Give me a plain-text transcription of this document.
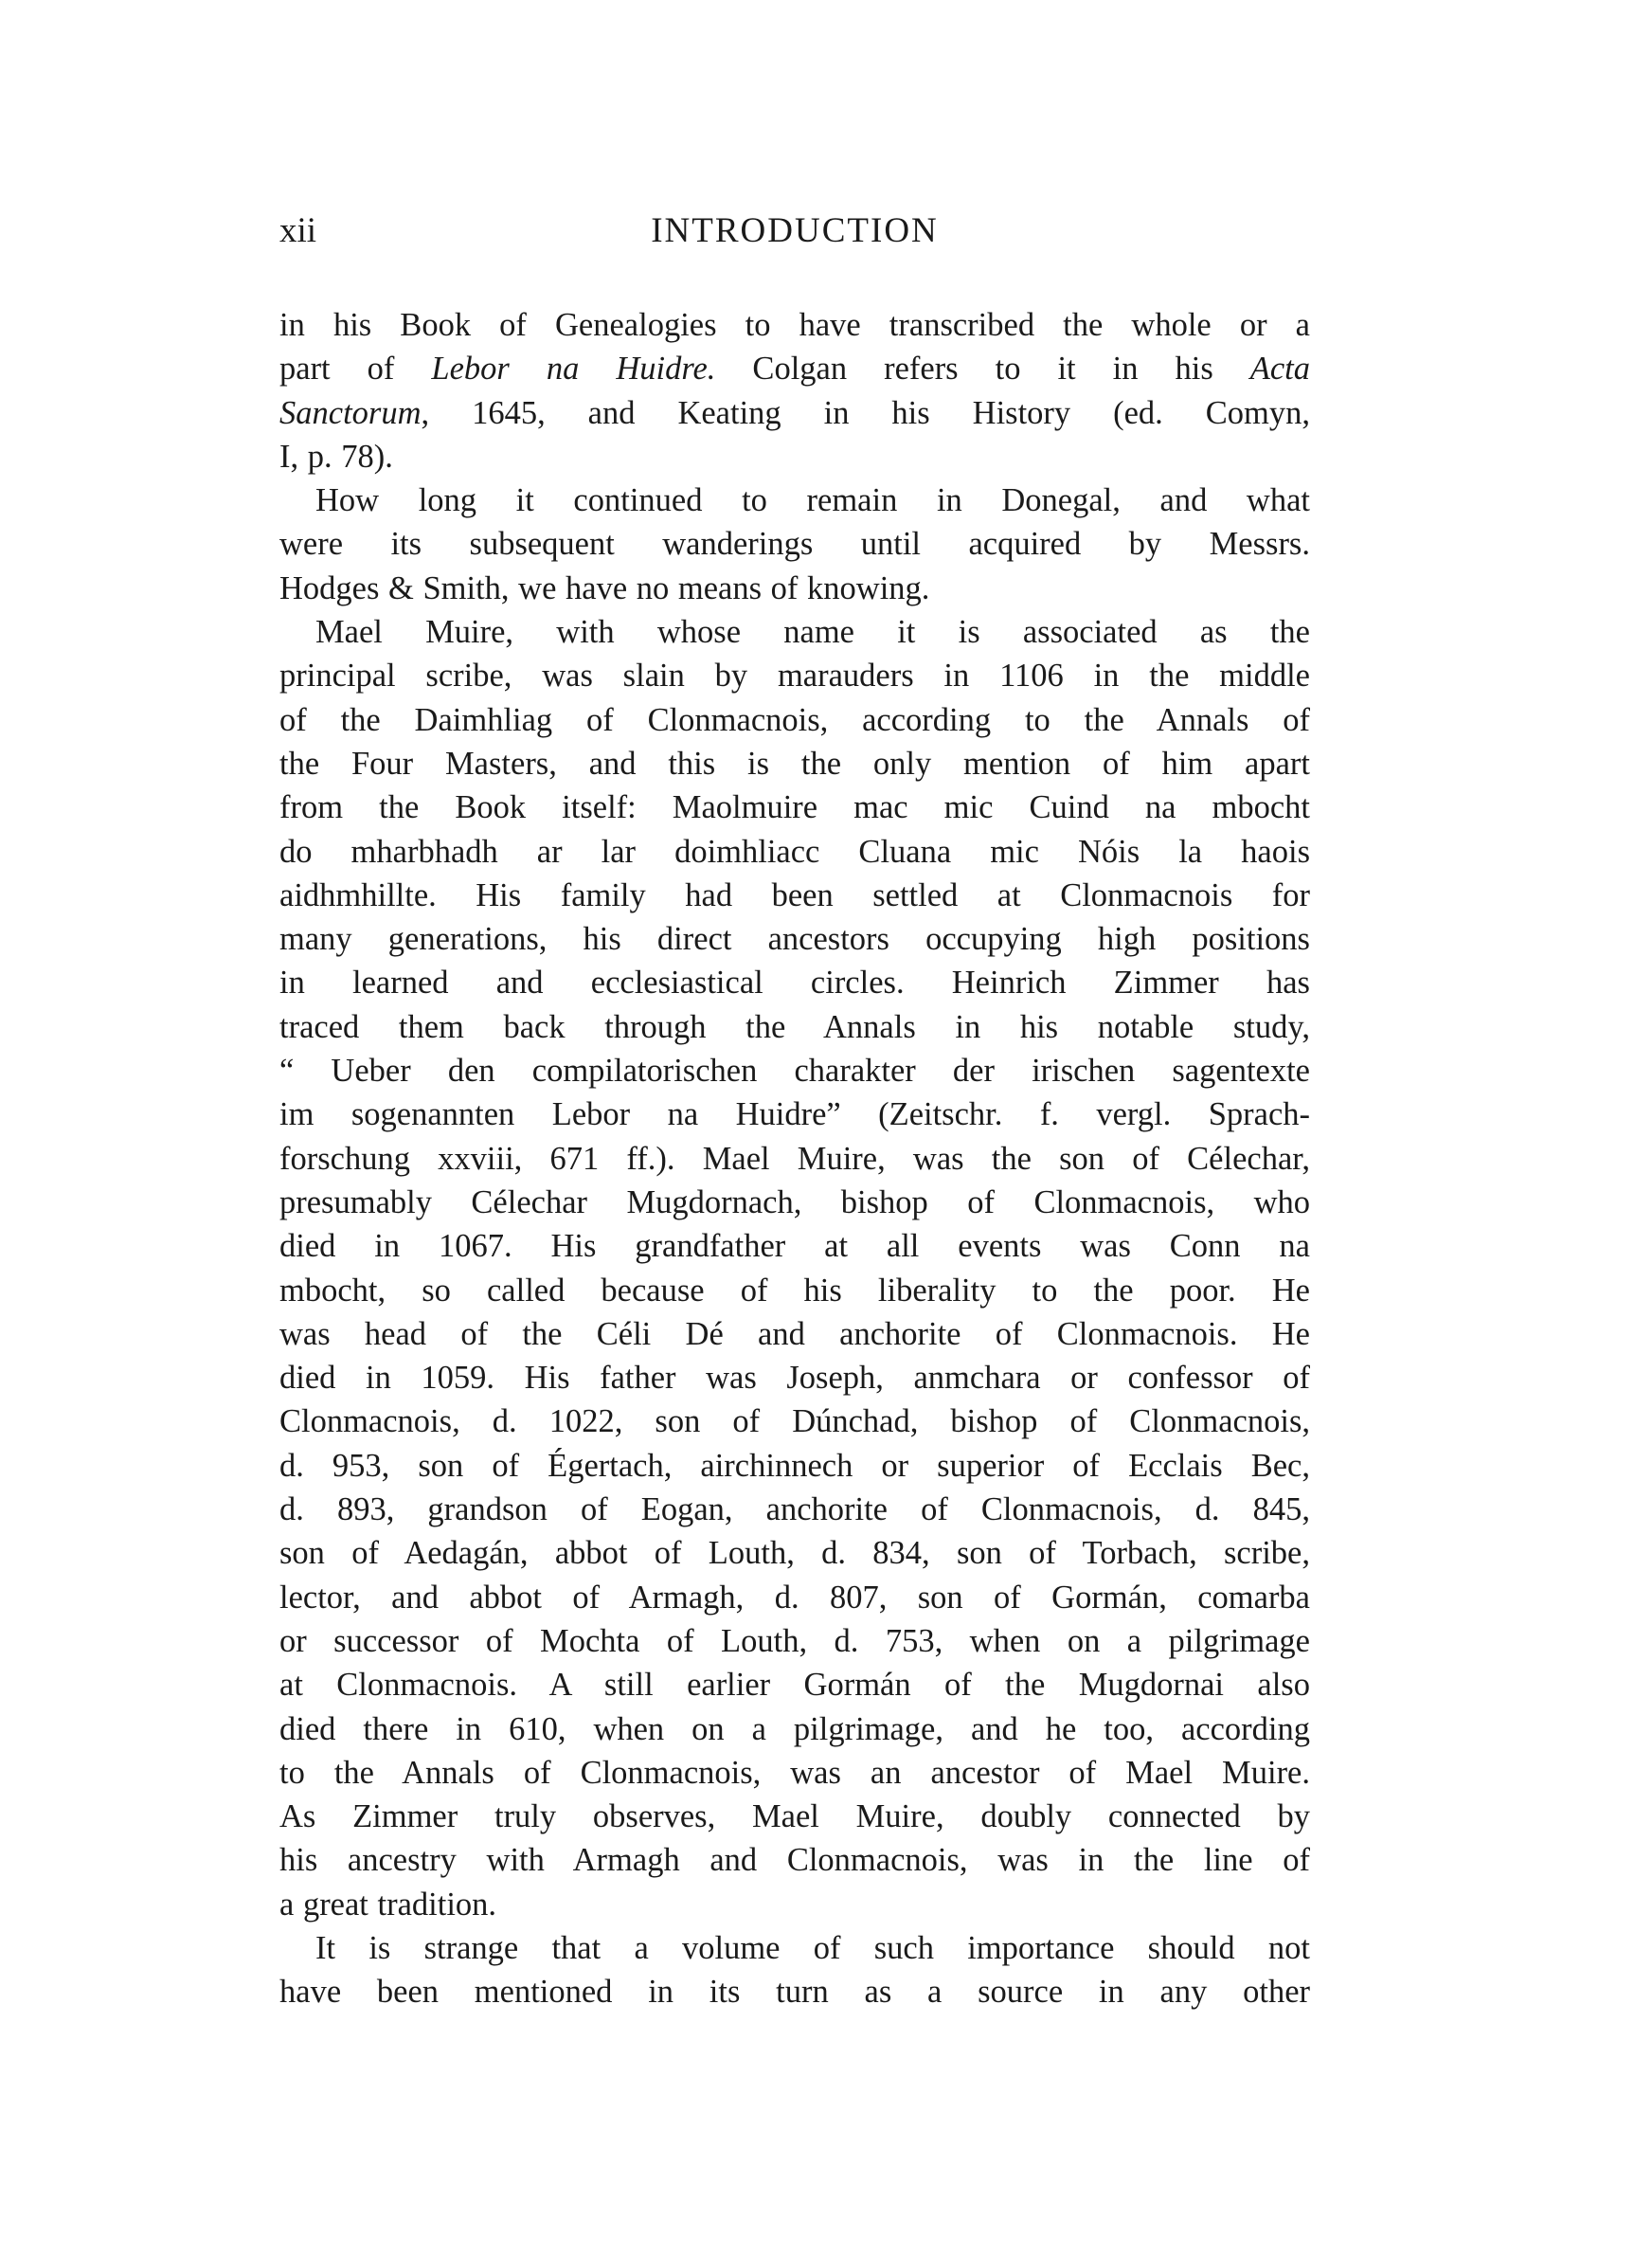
xii	INTRODUCTION
in his Book of Genealogies to have transcribed the whole or a
part of Lebor na Huidre. Colgan refers to it in his Acta
Sanctorum, 1645, and Keating in his History (ed. Comyn,
I, p. 78).
How long it continued to remain in Donegal, and what
were its subsequent wanderings until acquired by Messrs.
Hodges & Smith, we have no means of knowing.
Mael Muire, with whose name it is associated as the
principal scribe, was slain by marauders in 1106 in the middle
of the Daimhliag of Clonmacnois, according to the Annals of
the Four Masters, and this is the only mention of him apart
from the Book itself: Maolmuire mac mic Cuind na mbocht
do mharbhadh ar lar doimhliacc Cluana mic Nóis la haois
aidhmhillte. His family had been settled at Clonmacnois for
many generations, his direct ancestors occupying high positions
in learned and ecclesiastical circles. Heinrich Zimmer has
traced them back through the Annals in his notable study,
“ Ueber den compilatorischen charakter der irischen sagentexte
im sogenannten Lebor na Huidre” (Zeitschr. f. vergl. Sprach-
forschung xxviii, 671 ff.). Mael Muire, was the son of Célechar,
presumably Célechar Mugdornach, bishop of Clonmacnois, who
died in 1067. His grandfather at all events was Conn na
mbocht, so called because of his liberality to the poor. He
was head of the Céli Dé and anchorite of Clonmacnois. He
died in 1059. His father was Joseph, anmchara or confessor of
Clonmacnois, d. 1022, son of Dúnchad, bishop of Clonmacnois,
d. 953, son of Égertach, airchinnech or superior of Ecclais Bec,
d. 893, grandson of Eogan, anchorite of Clonmacnois, d. 845,
son of Aedagán, abbot of Louth, d. 834, son of Torbach, scribe,
lector, and abbot of Armagh, d. 807, son of Gormán, comarba
or successor of Mochta of Louth, d. 753, when on a pilgrimage
at Clonmacnois. A still earlier Gormán of the Mugdornai also
died there in 610, when on a pilgrimage, and he too, according
to the Annals of Clonmacnois, was an ancestor of Mael Muire.
As Zimmer truly observes, Mael Muire, doubly connected by
his ancestry with Armagh and Clonmacnois, was in the line of
a great tradition.
It is strange that a volume of such importance should not
have been mentioned in its turn as a source in any other
